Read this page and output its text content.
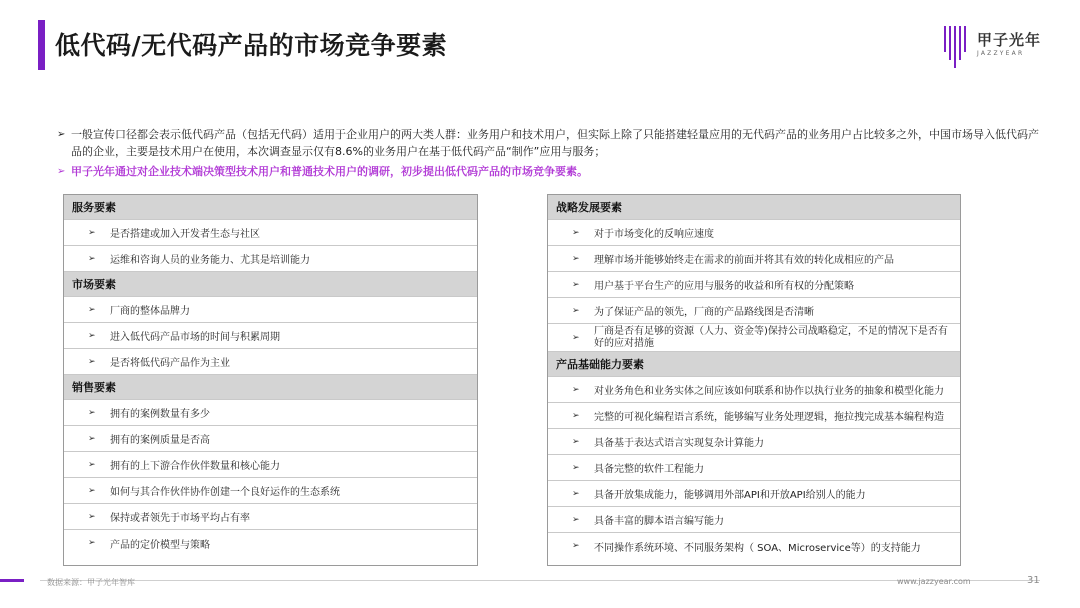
低代码/无代码产品的市场竞争要素	甲子光年
JAZZYEAR
➢ 一般宣传口径都会表示低代码产品（包括无代码）适用于企业用户的两大类人群：业务用户和技术用户，但实际上除了只能搭建轻量应用的无代码产品的业务用户占比较多之外，中国市场导入低代码产品的企业，主要是技术用户在使用，本次调查显示仅有8.6%的业务用户在基于低代码产品“制作”应用与服务；
➢ 甲子光年通过对企业技术端决策型技术用户和普通技术用户的调研，初步提出低代码产品的市场竞争要素。
服务要素
➢ 是否搭建或加入开发者生态与社区
➢ 运维和咨询人员的业务能力、尤其是培训能力
市场要素
➢ 厂商的整体品牌力
➢ 进入低代码产品市场的时间与积累周期
➢ 是否将低代码产品作为主业
销售要素
➢ 拥有的案例数量有多少
➢ 拥有的案例质量是否高
➢ 拥有的上下游合作伙伴数量和核心能力
➢ 如何与其合作伙伴协作创建一个良好运作的生态系统
➢ 保持或者领先于市场平均占有率
➢ 产品的定价模型与策略
战略发展要素
➢ 对于市场变化的反响应速度
➢ 理解市场并能够始终走在需求的前面并将其有效的转化成相应的产品
➢ 用户基于平台生产的应用与服务的收益和所有权的分配策略
➢ 为了保证产品的领先，厂商的产品路线图是否清晰
➢
厂商是否有足够的资源（人力、资金等)保持公司战略稳定，不足的情况下是否有好的应对措施
产品基础能力要素
➢ 对业务角色和业务实体之间应该如何联系和协作以执行业务的抽象和模型化能力
➢ 完整的可视化编程语言系统，能够编写业务处理逻辑，拖拉拽完成基本编程构造
➢ 具备基于表达式语言实现复杂计算能力
➢ 具备完整的软件工程能力
➢ 具备开放集成能力，能够调用外部API和开放API给别人的能力
➢ 具备丰富的脚本语言编写能力
➢ 不同操作系统环境、不同服务架构（ SOA、Microservice等）的支持能力
数据来源：甲子光年智库	www.jazzyear.com	31
